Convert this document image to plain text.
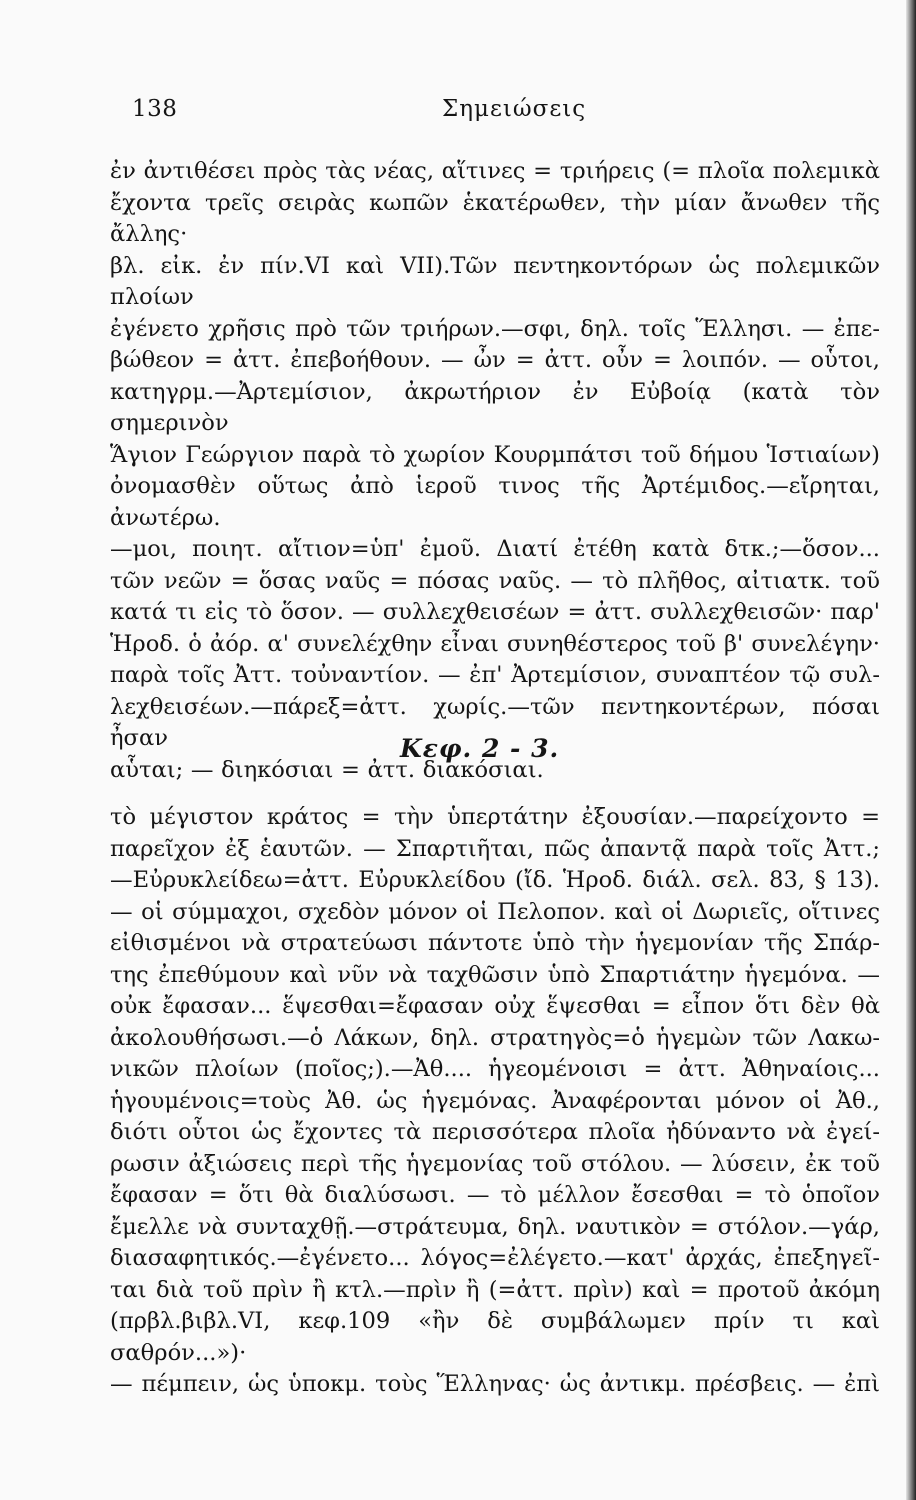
138	Σημειώσεις

ἐν ἀντιθέσει πρὸς τὰς νέας, αἵτινες = τριήρεις (= πλοῖα πολεμικὰ

ἔχοντα τρεῖς σειρὰς κωπῶν ἑκατέρωθεν, τὴν μίαν ἄνωθεν τῆς ἄλλης·

βλ. εἰκ. ἐν πίν.VI καὶ VII).Τῶν πεντηκοντόρων ὡς πολεμικῶν πλοίων

ἐγένετο χρῆσις πρὸ τῶν τριήρων.—σφι, δηλ. τοῖς Ἕλλησι. — ἐπε-

βώθεον = ἀττ. ἐπεβοήθουν. — ὦν = ἀττ. οὖν = λοιπόν. — οὗτοι,

κατηγρμ.—Ἀρτεμίσιον, ἀκρωτήριον ἐν Εὐβοίᾳ (κατὰ τὸν σημερινὸν

Ἅγιον Γεώργιον παρὰ τὸ χωρίον Κουρμπάτσι τοῦ δήμου Ἱστιαίων)

ὀνομασθὲν οὕτως ἀπὸ ἱεροῦ τινος τῆς Ἀρτέμιδος.—εἴρηται, ἀνωτέρω.

—μοι, ποιητ. αἴτιον=ὑπ' ἐμοῦ. Διατί ἐτέθη κατὰ δτκ.;—ὅσον...

τῶν νεῶν = ὅσας ναῦς = πόσας ναῦς. — τὸ πλῆθος, αἰτιατκ. τοῦ

κατά τι εἰς τὸ ὅσον. — συλλεχθεισέων = ἀττ. συλλεχθεισῶν· παρ'

Ἡροδ. ὁ ἀόρ. α' συνελέχθην εἶναι συνηθέστερος τοῦ β' συνελέγην·

παρὰ τοῖς Ἀττ. τοὐναντίον. — ἐπ' Ἀρτεμίσιον, συναπτέον τῷ συλ-

λεχθεισέων.—πάρεξ=ἀττ. χωρίς.—τῶν πεντηκοντέρων, πόσαι ἦσαν

αὗται; — διηκόσιαι = ἀττ. διακόσιαι.

Κεφ. 2 - 3.

τὸ μέγιστον κράτος = τὴν ὑπερτάτην ἐξουσίαν.—παρείχοντο =

παρεῖχον ἐξ ἑαυτῶν. — Σπαρτιῆται, πῶς ἀπαντᾷ παρὰ τοῖς Ἀττ.;

—Εὐρυκλείδεω=ἀττ. Εὐρυκλείδου (ἴδ. Ἡροδ. διάλ. σελ. 83, § 13).

— οἱ σύμμαχοι, σχεδὸν μόνον οἱ Πελοπον. καὶ οἱ Δωριεῖς, οἵτινες

εἰθισμένοι νὰ στρατεύωσι πάντοτε ὑπὸ τὴν ἡγεμονίαν τῆς Σπάρ-

της ἐπεθύμουν καὶ νῦν νὰ ταχθῶσιν ὑπὸ Σπαρτιάτην ἡγεμόνα. —

οὐκ ἔφασαν... ἕψεσθαι=ἔφασαν οὐχ ἕψεσθαι = εἶπον ὅτι δὲν θὰ

ἀκολουθήσωσι.—ὁ Λάκων, δηλ. στρατηγὸς=ὁ ἡγεμὼν τῶν Λακω-

νικῶν πλοίων (ποῖος;).—Ἀθ.... ἡγεομένοισι = ἀττ. Ἀθηναίοις...

ἡγουμένοις=τοὺς Ἀθ. ὡς ἡγεμόνας. Ἀναφέρονται μόνον οἱ Ἀθ.,

διότι οὗτοι ὡς ἔχοντες τὰ περισσότερα πλοῖα ἠδύναντο νὰ ἐγεί-

ρωσιν ἀξιώσεις περὶ τῆς ἡγεμονίας τοῦ στόλου. — λύσειν, ἐκ τοῦ

ἔφασαν = ὅτι θὰ διαλύσωσι. — τὸ μέλλον ἔσεσθαι = τὸ ὁποῖον

ἔμελλε νὰ συνταχθῇ.—στράτευμα, δηλ. ναυτικὸν = στόλον.—γάρ,

διασαφητικός.—ἐγένετο... λόγος=ἐλέγετο.—κατ' ἀρχάς, ἐπεξηγεῖ-

ται διὰ τοῦ πρὶν ἢ κτλ.—πρὶν ἢ (=ἀττ. πρὶν) καὶ = προτοῦ ἀκόμη

(πρβλ.βιβλ.VI, κεφ.109 «ἢν δὲ συμβάλωμεν πρίν τι καὶ σαθρόν...»)·

— πέμπειν, ὡς ὑποκμ. τοὺς Ἕλληνας· ὡς ἀντικμ. πρέσβεις. — ἐπὶ
